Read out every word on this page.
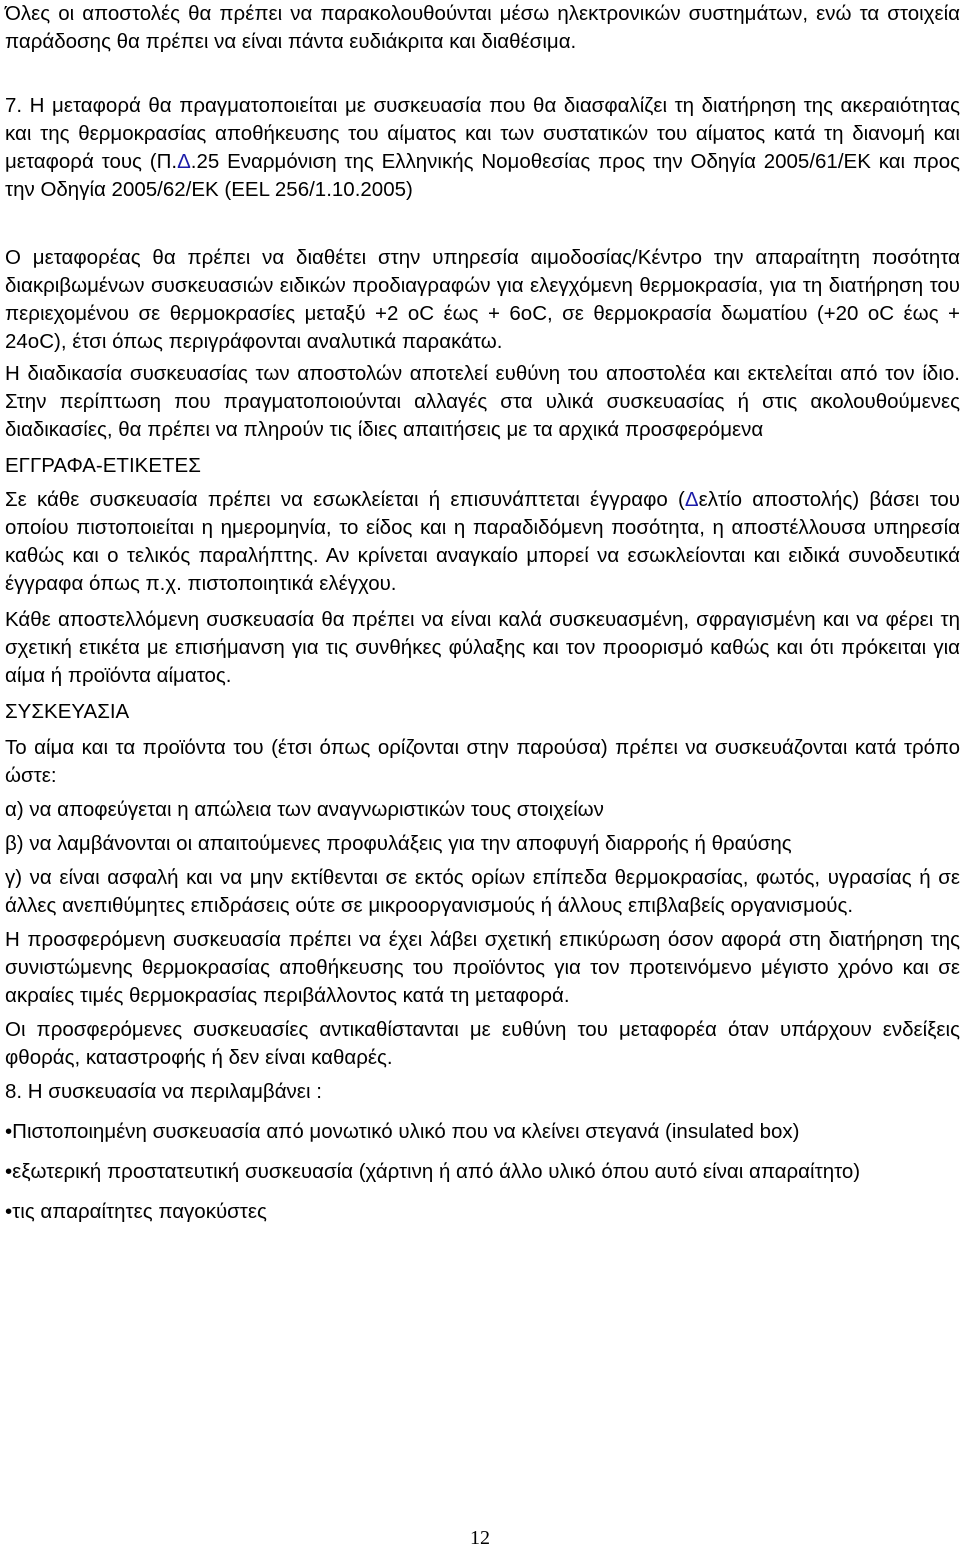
Όλες οι αποστολές θα πρέπει να παρακολουθούνται μέσω ηλεκτρονικών συστημάτων, ενώ τα στοιχεία παράδοσης θα πρέπει να είναι πάντα ευδιάκριτα και διαθέσιμα.

7. Η μεταφορά θα πραγματοποιείται με συσκευασία που θα διασφαλίζει τη διατήρηση της ακεραιότητας και της θερμοκρασίας αποθήκευσης του αίματος και των συστατικών του αίματος κατά τη διανομή και μεταφορά τους (Π.Δ.25 Εναρμόνιση της Ελληνικής Νομοθεσίας προς την Οδηγία 2005/61/ΕΚ και προς την Οδηγία 2005/62/ΕΚ (EEL 256/1.10.2005)

Ο μεταφορέας θα πρέπει να διαθέτει στην υπηρεσία αιμοδοσίας/Κέντρο την απαραίτητη ποσότητα διακριβωμένων συσκευασιών ειδικών προδιαγραφών για ελεγχόμενη θερμοκρασία, για τη διατήρηση του περιεχομένου σε θερμοκρασίες μεταξύ +2 oC έως + 6oC, σε θερμοκρασία δωματίου (+20 oC έως + 24oC), έτσι όπως περιγράφονται αναλυτικά παρακάτω.

Η διαδικασία συσκευασίας των αποστολών αποτελεί ευθύνη του αποστολέα και εκτελείται από τον ίδιο. Στην περίπτωση που πραγματοποιούνται αλλαγές στα υλικά συσκευασίας ή στις ακολουθούμενες διαδικασίες, θα πρέπει να πληρούν τις ίδιες απαιτήσεις με τα αρχικά προσφερόμενα

ΕΓΓΡΑΦΑ-ΕΤΙΚΕΤΕΣ

Σε κάθε συσκευασία πρέπει να εσωκλείεται ή επισυνάπτεται έγγραφο (Δελτίο αποστολής) βάσει του οποίου πιστοποιείται η ημερομηνία, το είδος και η παραδιδόμενη ποσότητα, η αποστέλλουσα υπηρεσία καθώς και ο τελικός παραλήπτης. Αν κρίνεται αναγκαίο μπορεί να εσωκλείονται και ειδικά συνοδευτικά έγγραφα όπως π.χ. πιστοποιητικά ελέγχου.

Κάθε αποστελλόμενη συσκευασία θα πρέπει να είναι καλά συσκευασμένη, σφραγισμένη και να φέρει τη σχετική ετικέτα με επισήμανση για τις συνθήκες φύλαξης και τον προορισμό καθώς και ότι πρόκειται για αίμα ή προϊόντα αίματος.

ΣΥΣΚΕΥΑΣΙΑ

Το αίμα και τα προϊόντα του (έτσι όπως ορίζονται στην παρούσα) πρέπει να συσκευάζονται κατά τρόπο ώστε:

α) να αποφεύγεται η απώλεια των αναγνωριστικών τους στοιχείων

β) να λαμβάνονται οι απαιτούμενες προφυλάξεις για την αποφυγή διαρροής ή θραύσης

γ) να είναι ασφαλή και να μην εκτίθενται σε εκτός ορίων επίπεδα θερμοκρασίας, φωτός, υγρασίας ή σε άλλες ανεπιθύμητες επιδράσεις ούτε σε μικροοργανισμούς ή άλλους επιβλαβείς οργανισμούς.

Η προσφερόμενη συσκευασία πρέπει να έχει λάβει σχετική επικύρωση όσον αφορά στη διατήρηση της συνιστώμενης θερμοκρασίας αποθήκευσης του προϊόντος για τον προτεινόμενο μέγιστο χρόνο και σε ακραίες τιμές θερμοκρασίας περιβάλλοντος κατά τη μεταφορά.

Οι προσφερόμενες συσκευασίες αντικαθίστανται με ευθύνη του μεταφορέα όταν υπάρχουν ενδείξεις φθοράς, καταστροφής ή δεν είναι καθαρές.

8. Η συσκευασία να περιλαμβάνει :

•Πιστοποιημένη συσκευασία από μονωτικό υλικό που να κλείνει στεγανά (insulated box)

•εξωτερική προστατευτική συσκευασία (χάρτινη ή από άλλο υλικό όπου αυτό είναι απαραίτητο)

•τις απαραίτητες παγοκύστες

12
